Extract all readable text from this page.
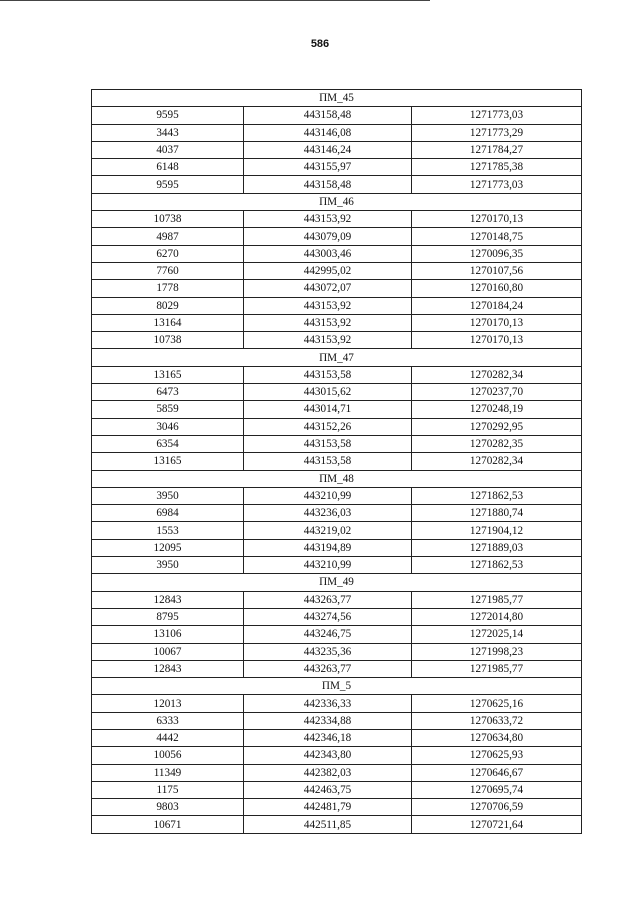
586
ПМ_45		
9595	443158,48	1271773,03
3443	443146,08	1271773,29
4037	443146,24	1271784,27
6148	443155,97	1271785,38
9595	443158,48	1271773,03
ПМ_46		
10738	443153,92	1270170,13
4987	443079,09	1270148,75
6270	443003,46	1270096,35
7760	442995,02	1270107,56
1778	443072,07	1270160,80
8029	443153,92	1270184,24
13164	443153,92	1270170,13
10738	443153,92	1270170,13
ПМ_47		
13165	443153,58	1270282,34
6473	443015,62	1270237,70
5859	443014,71	1270248,19
3046	443152,26	1270292,95
6354	443153,58	1270282,35
13165	443153,58	1270282,34
ПМ_48		
3950	443210,99	1271862,53
6984	443236,03	1271880,74
1553	443219,02	1271904,12
12095	443194,89	1271889,03
3950	443210,99	1271862,53
ПМ_49		
12843	443263,77	1271985,77
8795	443274,56	1272014,80
13106	443246,75	1272025,14
10067	443235,36	1271998,23
12843	443263,77	1271985,77
ПМ_5		
12013	442336,33	1270625,16
6333	442334,88	1270633,72
4442	442346,18	1270634,80
10056	442343,80	1270625,93
11349	442382,03	1270646,67
1175	442463,75	1270695,74
9803	442481,79	1270706,59
10671	442511,85	1270721,64
